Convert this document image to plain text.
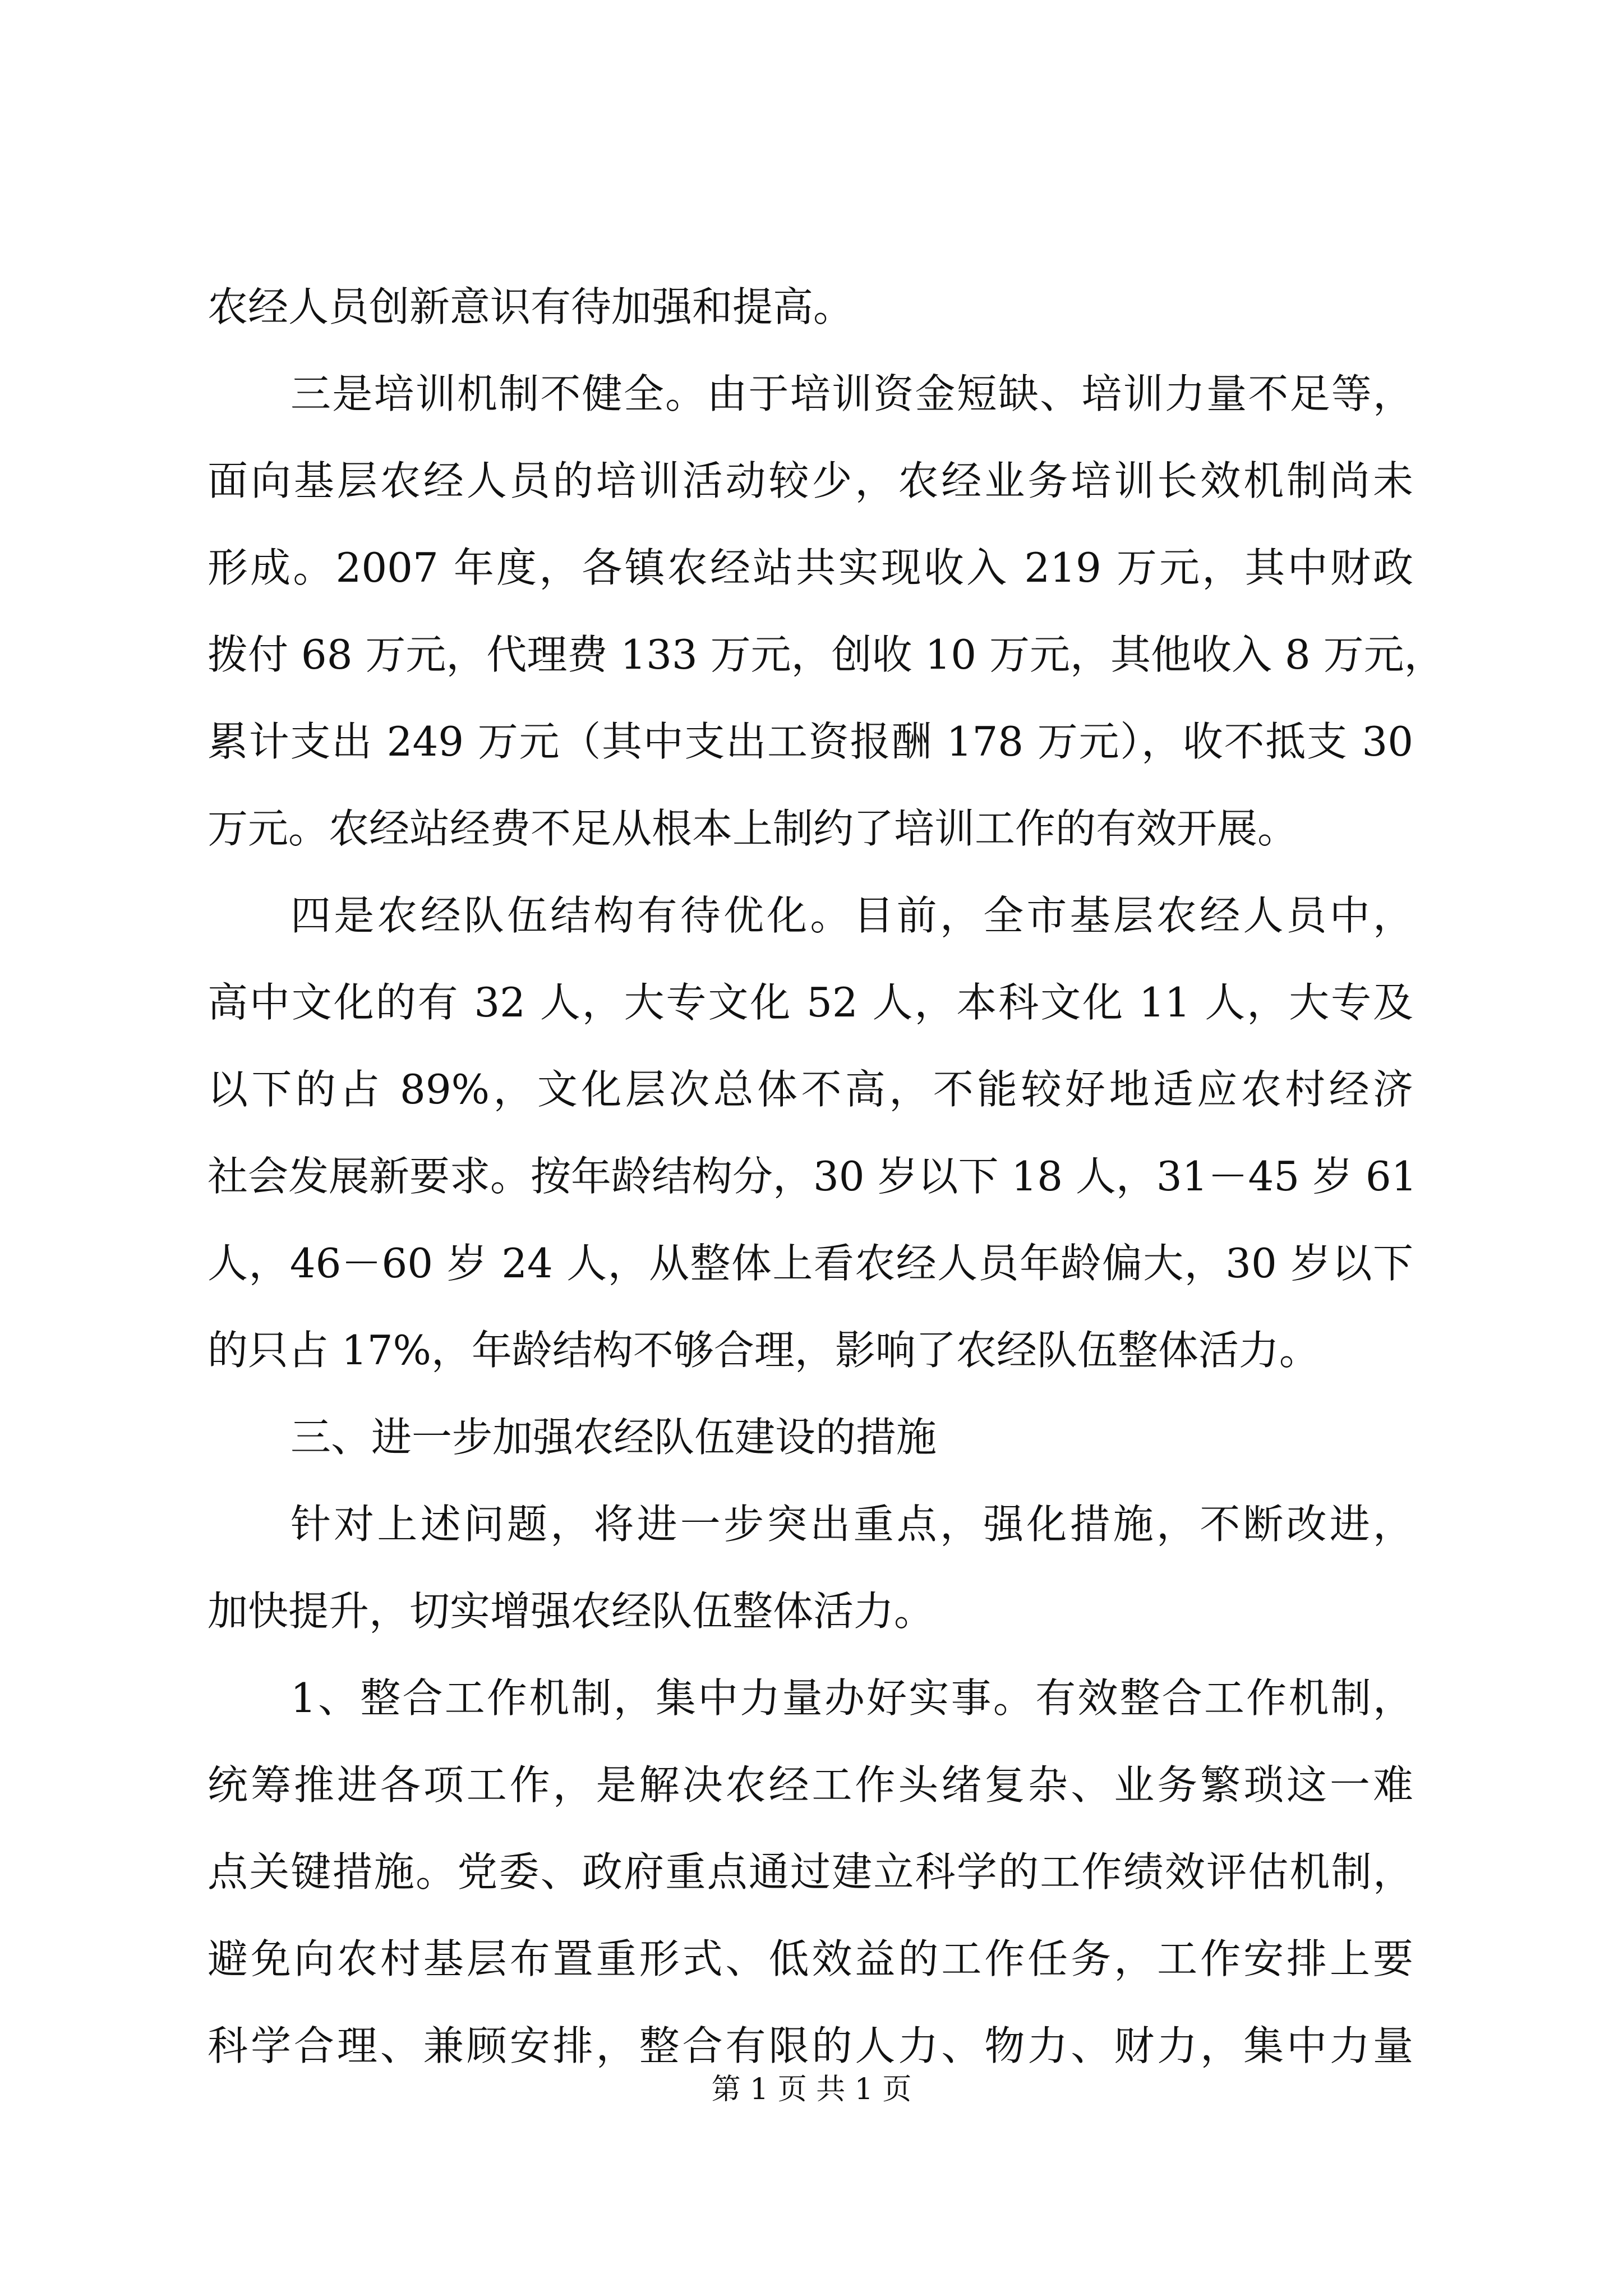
农经人员创新意识有待加强和提高。
三是培训机制不健全。由于培训资金短缺、培训力量不足等，
面向基层农经人员的培训活动较少，农经业务培训长效机制尚未
形成。2007 年度，各镇农经站共实现收入 219 万元，其中财政
拨付 68 万元，代理费 133 万元，创收 10 万元，其他收入 8 万元，
累计支出 249 万元（其中支出工资报酬 178 万元），收不抵支 30
万元。农经站经费不足从根本上制约了培训工作的有效开展。
四是农经队伍结构有待优化。目前，全市基层农经人员中，
高中文化的有 32 人，大专文化 52 人，本科文化 11 人，大专及
以下的占 89%，文化层次总体不高，不能较好地适应农村经济
社会发展新要求。按年龄结构分，30 岁以下 18 人，31－45 岁 61
人，46－60 岁 24 人，从整体上看农经人员年龄偏大，30 岁以下
的只占 17%，年龄结构不够合理，影响了农经队伍整体活力。
三、进一步加强农经队伍建设的措施
针对上述问题，将进一步突出重点，强化措施，不断改进，
加快提升，切实增强农经队伍整体活力。
1、整合工作机制，集中力量办好实事。有效整合工作机制，
统筹推进各项工作，是解决农经工作头绪复杂、业务繁琐这一难
点关键措施。党委、政府重点通过建立科学的工作绩效评估机制，
避免向农村基层布置重形式、低效益的工作任务，工作安排上要
科学合理、兼顾安排，整合有限的人力、物力、财力，集中力量
第 1 页 共 1 页
